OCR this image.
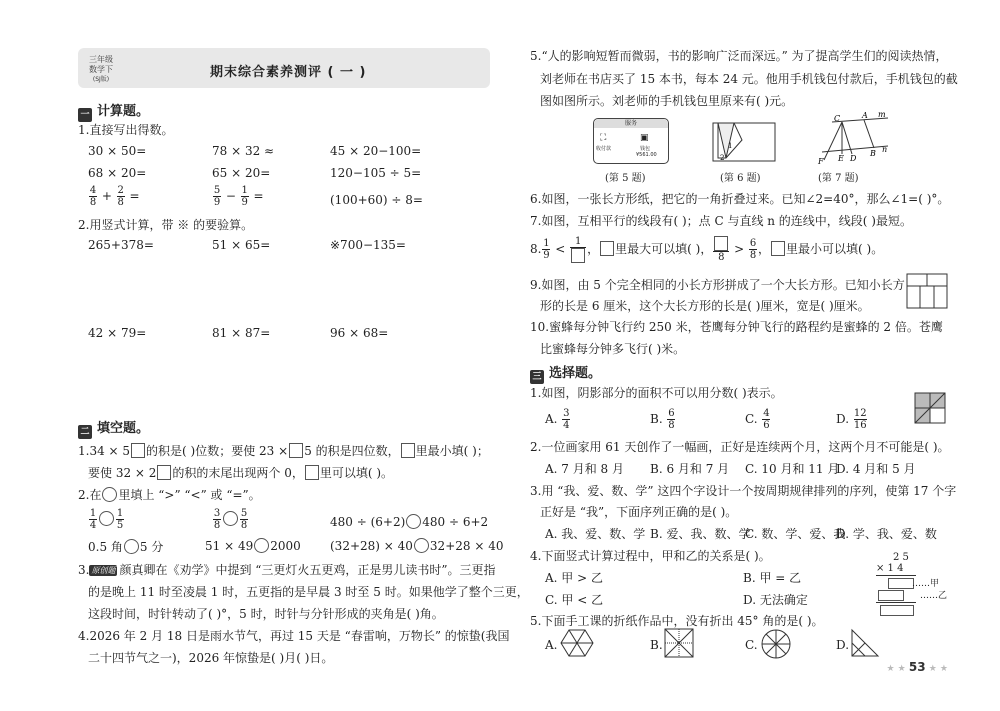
三年级
数学下
(SJ版)	期末综合素养测评 ( 一 )
一 计算题。
1.直接写出得数。
30 × 50=	78 × 32 ≈	45 × 20−100=
68 × 20=	65 × 20=	120−105 ÷ 5=
$\frac{4}{8} + \frac{2}{8}$ =	$\frac{5}{9} - \frac{1}{9}$ =	(100+60) ÷ 8=
2.用竖式计算，带 ※ 的要验算。
265+378=	51 × 65=	※700−135=
42 × 79=	81 × 87=	96 × 68=
二 填空题。
1.34 × 5 的积是( )位数；要使 23 × 5 的积是四位数， 里最小填( )；
要使 32 × 2 的积的末尾出现两个 0， 里可以填( )。
2.在 里填上 “>” “<” 或 “=”。
$\frac{1}{4} \frac{1}{5}$	$\frac{3}{8} \frac{5}{8}$	480 ÷ (6+2) 480 ÷ 6+2
0.5 角 5 分	51 × 49 2000 (32+28) × 40 32+28 × 40
3. 原创题 颜真卿在《劝学》中提到 “三更灯火五更鸡，正是男儿读书时”。三更指
的是晚上 11 时至凌晨 1 时，五更指的是早晨 3 时至 5 时。如果他学了整个三更，
这段时间，时针转动了( )°，5 时，时针与分针形成的夹角是( )角。
4.2026 年 2 月 18 日是雨水节气，再过 15 天是 “春雷响，万物长” 的惊蛰(我国
二十四节气之一)，2026 年惊蛰是( )月( )日。
5.“人的影响短暂而微弱，书的影响广泛而深远。” 为了提高学生们的阅读热情，
刘老师在书店买了 15 本书，每本 24 元。他用手机钱包付款后，手机钱包的截
图如图所示。刘老师的手机钱包里原来有( )元。
服务
⛶
收付款
▣
钱包
¥561.00
(第 5 题)
1
2
(第 6 题)
C	A m
F E D
B n
(第 7 题)
6.如图，一张长方形纸，把它的一角折叠过来。已知∠2=40°，那么∠1=( )°。
7.如图，互相平行的线段有( )；点 C 与直线 n 的连线中，线段( )最短。
8. $\frac{1}{9}$ <
1
， 里最大可以填( )，
8
> $\frac{6}{8}$ ， 里最小可以填( )。
9.如图，由 5 个完全相同的小长方形拼成了一个大长方形。已知小长方
形的长是 6 厘米，这个大长方形的长是( )厘米，宽是( )厘米。
10.蜜蜂每分钟飞行约 250 米，苍鹰每分钟飞行的路程约是蜜蜂的 2 倍。苍鹰
比蜜蜂每分钟多飞行( )米。
三 选择题。
1.如图，阴影部分的面积不可以用分数( )表示。
A. $\frac{3}{4}$	B. $\frac{6}{8}$	C. $\frac{4}{6}$	D. $\frac{12}{16}$
2.一位画家用 61 天创作了一幅画，正好是连续两个月，这两个月不可能是( )。
A. 7 月和 8 月 B. 6 月和 7 月 C. 10 月和 11 月
D. 4 月和 5 月
3.用 “我、爱、数、学” 这四个字设计一个按周期规律排列的序列，使第 17 个字
正好是 “我”，下面序列正确的是( )。
A. 我、爱、数、学 B. 爱、我、数、学
C. 数、学、爱、我
D. 学、我、爱、数
4.下面竖式计算过程中，甲和乙的关系是( )。
A. 甲 > 乙	B. 甲 = 乙
C. 甲 < 乙	D. 无法确定
2 5
× 1 4
……甲
……乙
5.下面手工课的折纸作品中，没有折出 45° 角的是( )。
A.	B.	C.	D.
★ ★ 53 ★ ★
